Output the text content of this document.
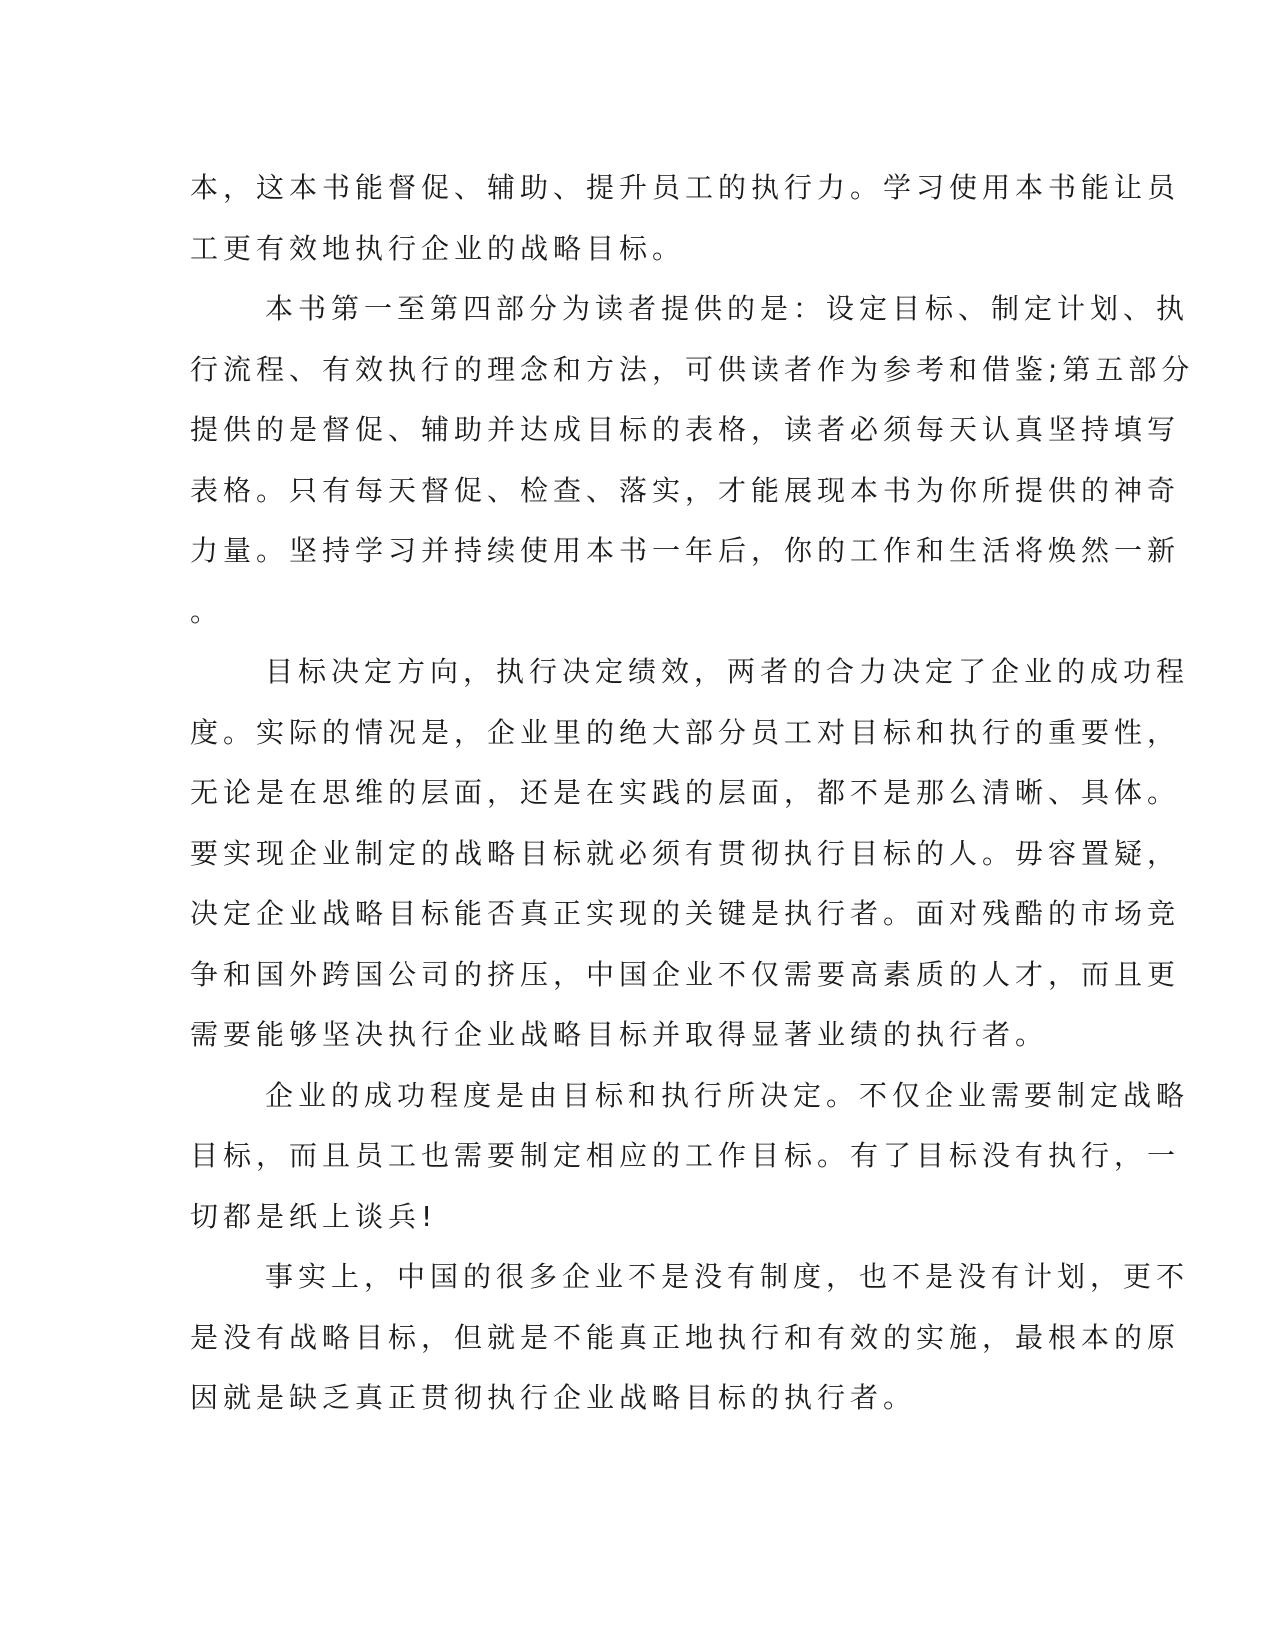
本，这本书能督促、辅助、提升员工的执行力。学习使用本书能让员
工更有效地执行企业的战略目标。

本书第一至第四部分为读者提供的是：设定目标、制定计划、执
行流程、有效执行的理念和方法，可供读者作为参考和借鉴;第五部分
提供的是督促、辅助并达成目标的表格，读者必须每天认真坚持填写
表格。只有每天督促、检查、落实，才能展现本书为你所提供的神奇
力量。坚持学习并持续使用本书一年后，你的工作和生活将焕然一新
。

目标决定方向，执行决定绩效，两者的合力决定了企业的成功程
度。实际的情况是，企业里的绝大部分员工对目标和执行的重要性，
无论是在思维的层面，还是在实践的层面，都不是那么清晰、具体。
要实现企业制定的战略目标就必须有贯彻执行目标的人。毋容置疑，
决定企业战略目标能否真正实现的关键是执行者。面对残酷的市场竞
争和国外跨国公司的挤压，中国企业不仅需要高素质的人才，而且更
需要能够坚决执行企业战略目标并取得显著业绩的执行者。

企业的成功程度是由目标和执行所决定。不仅企业需要制定战略
目标，而且员工也需要制定相应的工作目标。有了目标没有执行，一
切都是纸上谈兵!

事实上，中国的很多企业不是没有制度，也不是没有计划，更不
是没有战略目标，但就是不能真正地执行和有效的实施，最根本的原
因就是缺乏真正贯彻执行企业战略目标的执行者。
